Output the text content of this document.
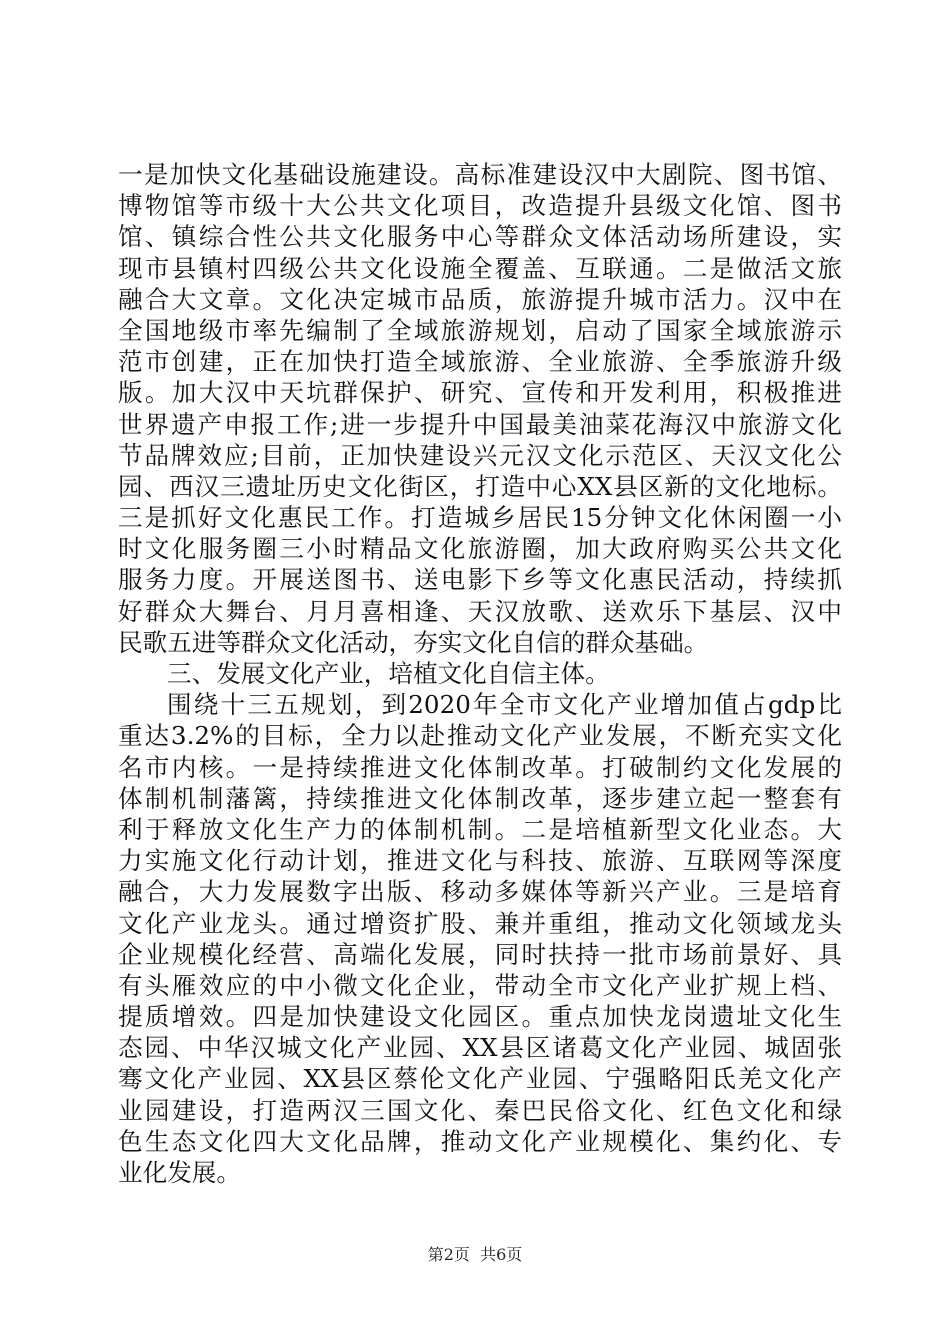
一是加快文化基础设施建设。高标准建设汉中大剧院、图书馆、
博物馆等市级十大公共文化项目，改造提升县级文化馆、图书
馆、镇综合性公共文化服务中心等群众文体活动场所建设，实
现市县镇村四级公共文化设施全覆盖、互联通。二是做活文旅
融合大文章。文化决定城市品质，旅游提升城市活力。汉中在
全国地级市率先编制了全域旅游规划，启动了国家全域旅游示
范市创建，正在加快打造全域旅游、全业旅游、全季旅游升级
版。加大汉中天坑群保护、研究、宣传和开发利用，积极推进
世界遗产申报工作;进一步提升中国最美油菜花海汉中旅游文化
节品牌效应;目前，正加快建设兴元汉文化示范区、天汉文化公
园、西汉三遗址历史文化街区，打造中心XX县区新的文化地标。
三是抓好文化惠民工作。打造城乡居民15分钟文化休闲圈一小
时文化服务圈三小时精品文化旅游圈，加大政府购买公共文化
服务力度。开展送图书、送电影下乡等文化惠民活动，持续抓
好群众大舞台、月月喜相逢、天汉放歌、送欢乐下基层、汉中
民歌五进等群众文化活动，夯实文化自信的群众基础。
三、发展文化产业，培植文化自信主体。
围绕十三五规划，到2020年全市文化产业增加值占gdp比
重达3.2%的目标，全力以赴推动文化产业发展，不断充实文化
名市内核。一是持续推进文化体制改革。打破制约文化发展的
体制机制藩篱，持续推进文化体制改革，逐步建立起一整套有
利于释放文化生产力的体制机制。二是培植新型文化业态。大
力实施文化行动计划，推进文化与科技、旅游、互联网等深度
融合，大力发展数字出版、移动多媒体等新兴产业。三是培育
文化产业龙头。通过增资扩股、兼并重组，推动文化领域龙头
企业规模化经营、高端化发展，同时扶持一批市场前景好、具
有头雁效应的中小微文化企业，带动全市文化产业扩规上档、
提质增效。四是加快建设文化园区。重点加快龙岗遗址文化生
态园、中华汉城文化产业园、XX县区诸葛文化产业园、城固张
骞文化产业园、XX县区蔡伦文化产业园、宁强略阳氐羌文化产
业园建设，打造两汉三国文化、秦巴民俗文化、红色文化和绿
色生态文化四大文化品牌，推动文化产业规模化、集约化、专
业化发展。
第2页  共6页
